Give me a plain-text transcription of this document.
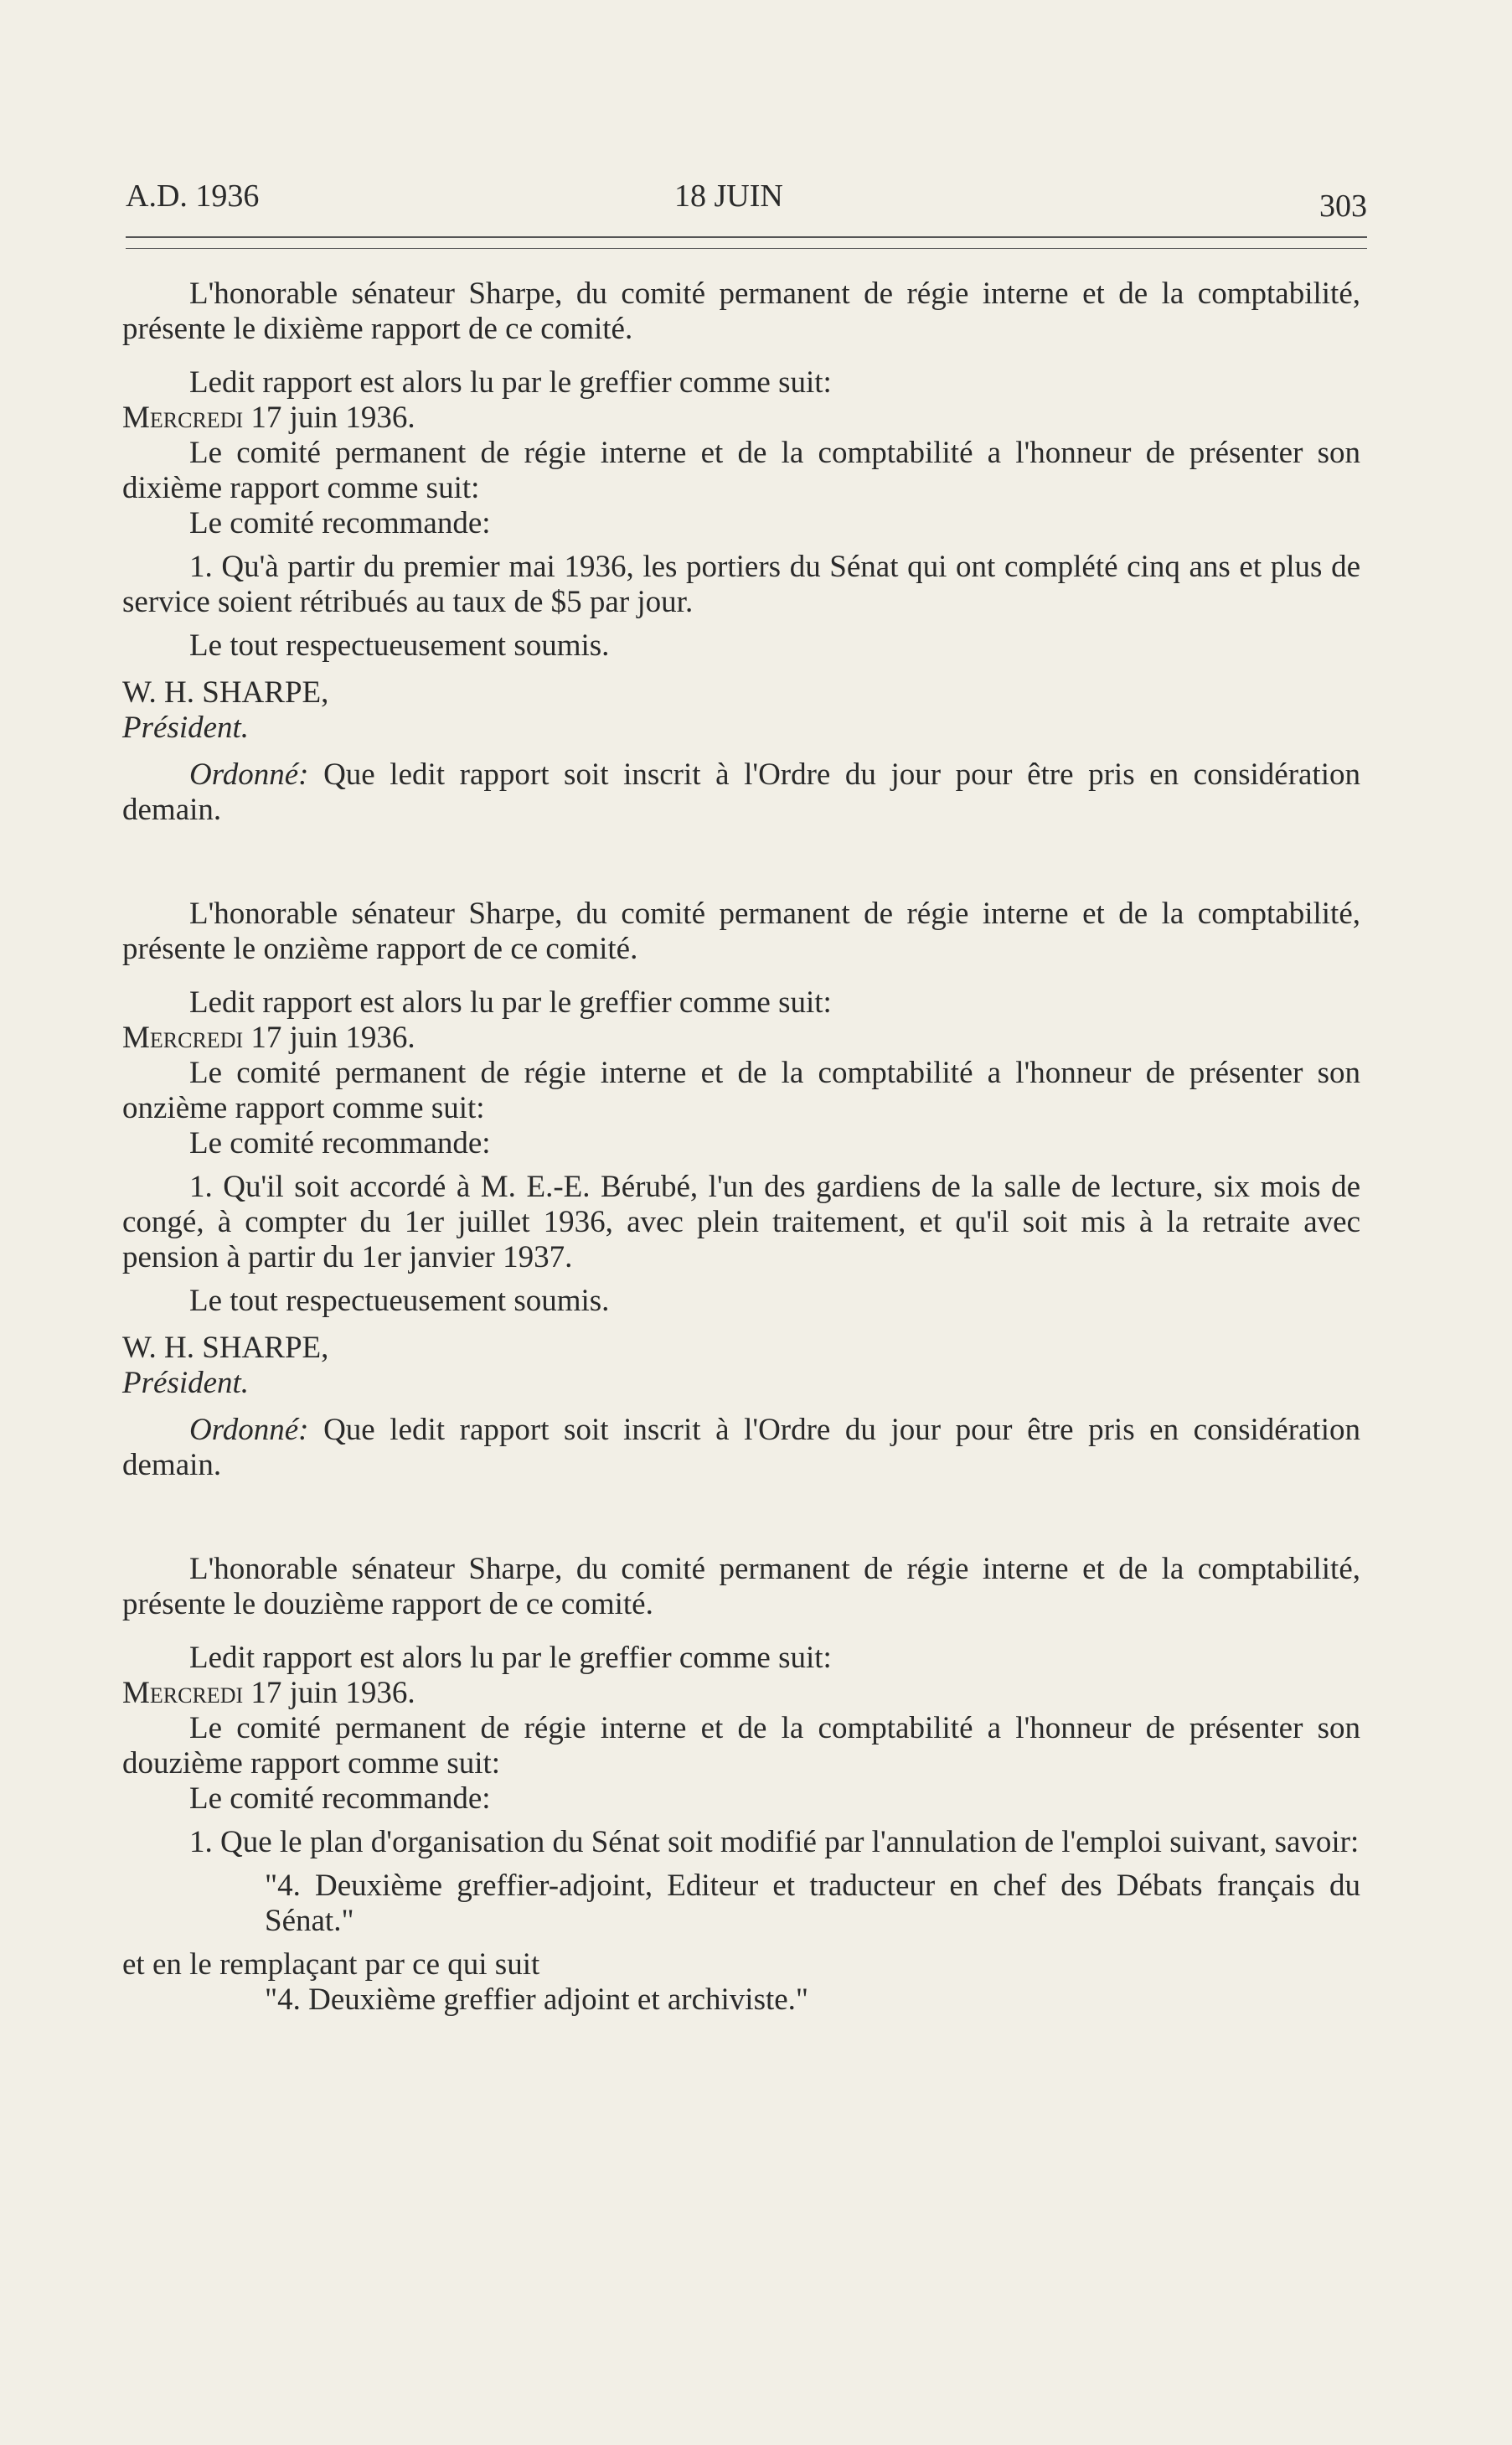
A.D. 1936	18 JUIN	303

L'honorable sénateur Sharpe, du comité permanent de régie interne et de la comptabilité, présente le dixième rapport de ce comité.

Ledit rapport est alors lu par le greffier comme suit:

Mercredi 17 juin 1936.

Le comité permanent de régie interne et de la comptabilité a l'honneur de présenter son dixième rapport comme suit:

Le comité recommande:

1. Qu'à partir du premier mai 1936, les portiers du Sénat qui ont complété cinq ans et plus de service soient rétribués au taux de $5 par jour.

Le tout respectueusement soumis.

W. H. SHARPE,

Président.

Ordonné: Que ledit rapport soit inscrit à l'Ordre du jour pour être pris en considération demain.

L'honorable sénateur Sharpe, du comité permanent de régie interne et de la comptabilité, présente le onzième rapport de ce comité.

Ledit rapport est alors lu par le greffier comme suit:

Mercredi 17 juin 1936.

Le comité permanent de régie interne et de la comptabilité a l'honneur de présenter son onzième rapport comme suit:

Le comité recommande:

1. Qu'il soit accordé à M. E.-E. Bérubé, l'un des gardiens de la salle de lecture, six mois de congé, à compter du 1er juillet 1936, avec plein traitement, et qu'il soit mis à la retraite avec pension à partir du 1er janvier 1937.

Le tout respectueusement soumis.

W. H. SHARPE,

Président.

Ordonné: Que ledit rapport soit inscrit à l'Ordre du jour pour être pris en considération demain.

L'honorable sénateur Sharpe, du comité permanent de régie interne et de la comptabilité, présente le douzième rapport de ce comité.

Ledit rapport est alors lu par le greffier comme suit:

Mercredi 17 juin 1936.

Le comité permanent de régie interne et de la comptabilité a l'honneur de présenter son douzième rapport comme suit:

Le comité recommande:

1. Que le plan d'organisation du Sénat soit modifié par l'annulation de l'emploi suivant, savoir:

"4. Deuxième greffier-adjoint, Editeur et traducteur en chef des Débats français du Sénat."

et en le remplaçant par ce qui suit

"4. Deuxième greffier adjoint et archiviste."
